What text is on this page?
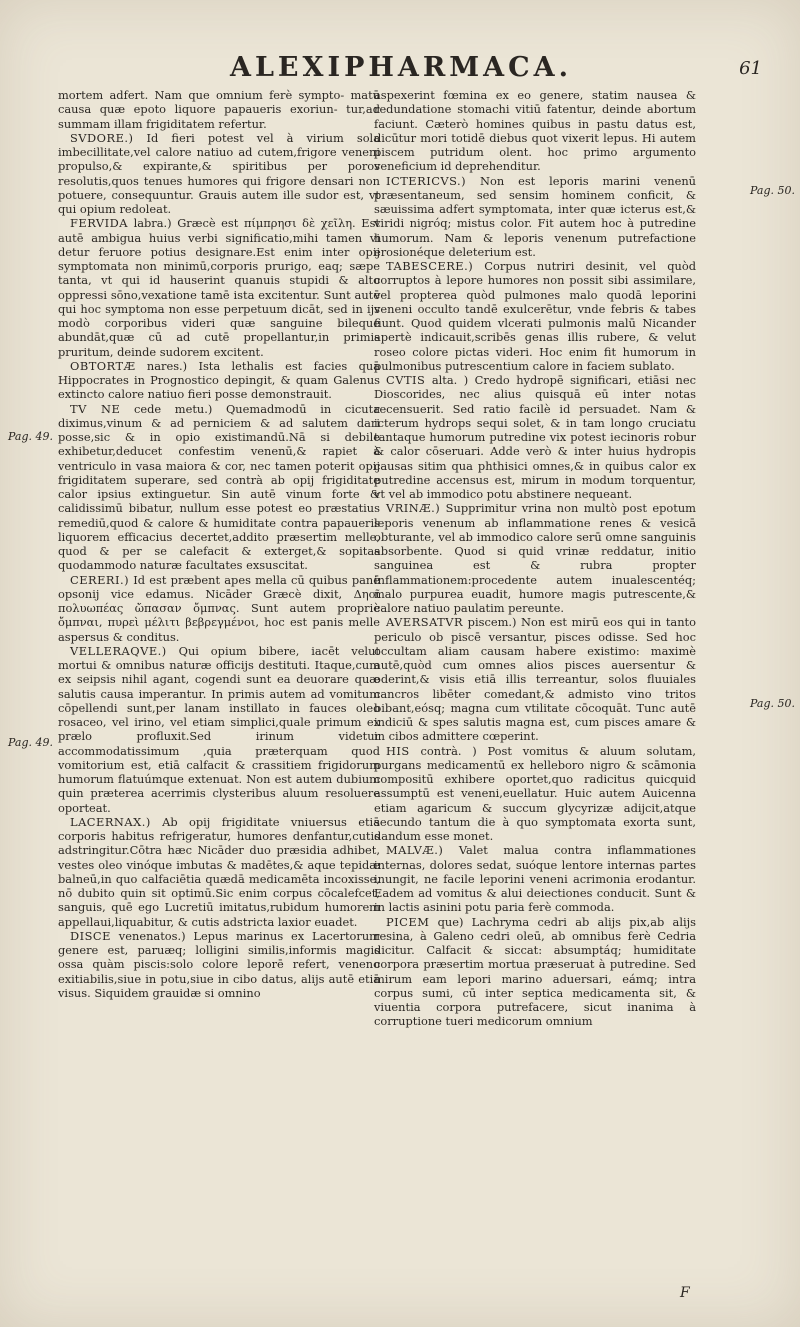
ALEXIPHARMACA.	61
Pag. 49.
Pag. 49.
Pag. 50.
Pag. 50.

mortem adfert. Nam que omnium ferè sympto- matū causa quæ epoto liquore papaueris exoriun- tur,ad summam illam frigiditatem refertur.

SVDORE.) Id fieri potest vel à virium sola imbecillitate,vel calore natiuo ad cutem,frigore veneni propulso,& expirante,& spiritibus per poros resolutis,quos tenues humores qui frigore densari non potuere, consequuntur. Grauis autem ille sudor est, vt qui opium redoleat.

FERVIDA labra.) Græcè est πίμπρησι δὲ χεῖλη. Est autē ambigua huius verbi significatio,mihi tamen vi detur feruore potius designare.Est enim inter opij symptomata non minimū,corporis prurigo, eaq; sæpe tanta, vt qui id hauserint quanuis stupidi & alto oppressi sōno,vexatione tamē ista excitentur. Sunt autē qui hoc symptoma non esse perpetuum dicāt, sed in ijs modò corporibus videri quæ sanguine bileque abundāt,quæ cū ad cutē propellantur,in primis pruritum, deinde sudorem excitent.

OBTORTÆ nares.) Ista lethalis est facies quā Hippocrates in Prognostico depingit, & quam Galenus extincto calore natiuo fieri posse demonstrauit.

TV NE cede metu.) Quemadmodū in cicuta diximus,vinum & ad perniciem & ad salutem dari posse,sic & in opio existimandū.Nā si debile exhibetur,deducet confestim venenū,& rapiet à ventriculo in vasa maiora & cor, nec tamen poterit opij frigiditatem superare, sed contrà ab opij frigiditate calor ipsius extinguetur. Sin autē vinum forte & calidissimū bibatur, nullum esse potest eo præstatius remediū,quod & calore & humiditate contra papaueris liquorem efficacius decertet,addito præsertim melle, quod & per se calefacit & exterget,& sopitas quodammodo naturæ facultates exsuscitat.

CERERI.) Id est præbent apes mella cū quibus panē opsonij vice edamus. Nicāder Græcè dixit, Δηοῖ πολυωπέας ὤπασαν ὄμπνας. Sunt autem propriè ὄμπναι, πυρεὶ μέλιτι βεβρεγμένοι, hoc est panis melle aspersus & conditus.

VELLERAQVE.) Qui opium bibere, iacēt velut mortui & omnibus naturæ officijs destituti. Itaque,cum ex seipsis nihil agant, cogendi sunt ea deuorare quæ salutis causa imperantur. In primis autem ad vomitum cōpellendi sunt,per lanam instillato in fauces oleo rosaceo, vel irino, vel etiam simplici,quale primum ex prælo profluxit.Sed irinum videtur accommodatissimum ,quia præterquam quod vomitorium est, etiā calfacit & crassitiem frigidorum humorum flatuúmque extenuat. Non est autem dubium quin præterea acerrimis clysteribus aluum resoluere oporteat.

LACERNAX.) Ab opij frigiditate vniuersus etiā corporis habitus refrigeratur, humores denfantur,cutis adstringitur.Cōtra hæc Nicāder duo præsidia adhibet, vestes oleo vinóque imbutas & madētes,& aque tepidæ balneū,in quo calfaciētia quædā medicamēta incoxisse, nō dubito quin sit optimū.Sic enim corpus cōcalefcet, sanguis, quē ego Lucretiū imitatus,rubidum humorem appellaui,liquabitur, & cutis adstricta laxior euadet.

DISCE venenatos.) Lepus marinus ex Lacertorum genere est, paruæq; lolligini similis,informis magis ossa quàm piscis:solo colore leporē refert, veneno exitiabilis,siue in potu,siue in cibo datus, alijs autē etiā visus. Siquidem grauidæ si omnino

aspexerint fœmina ex eo genere, statim nausea & redundatione stomachi vitiū fatentur, deinde abortum faciunt. Cæterò homines quibus in pastu datus est, dicūtur mori totidē diebus quot vixerit lepus. Hi autem piscem putridum olent. hoc primo argumento veneficium id deprehenditur.

ICTERICVS.) Non est leporis marini venenū præsentaneum, sed sensim hominem conficit, & sæuissima adfert symptomata, inter quæ icterus est,& viridi nigróq; mistus color. Fit autem hoc à putredine humorum. Nam & leporis venenum putrefactione erosionéque deleterium est.

TABESCERE.) Corpus nutriri desinit, vel quòd corruptos à lepore humores non possit sibi assimilare, vel propterea quòd pulmones malo quodā leporini veneni occulto tandē exulcerētur, vnde febris & tabes fiunt. Quod quidem vlcerati pulmonis malū Nicander apertè indicauit,scribēs genas illis rubere, & velut roseo colore pictas videri. Hoc enim fit humorum in pulmonibus putrescentium calore in faciem sublato.

CVTIS alta. ) Credo hydropē significari, etiāsi nec Dioscorides, nec alius quisquā eū inter notas recensuerit. Sed ratio facilè id persuadet. Nam & icterum hydrops sequi solet, & in tam longo cruciatu tantaque humorum putredine vix potest iecinoris robur & calor cōseruari. Adde verò & inter huius hydropis causas sitim qua phthisici omnes,& in quibus calor ex putredine accensus est, mirum in modum torquentur, vt vel ab immodico potu abstinere nequeant.

VRINÆ.) Supprimitur vrina non multò post epotum leporis venenum ab inflammatione renes & vesicā obturante, vel ab immodico calore serū omne sanguinis absorbente. Quod si quid vrinæ reddatur, initio sanguinea est & rubra propter inflammationem:procedente autem inualescentéq; malo purpurea euadit, humore magis putrescente,& calore natiuo paulatim pereunte.

AVERSATVR piscem.) Non est mirū eos qui in tanto periculo ob piscē versantur, pisces odisse. Sed hoc occultam aliam causam habere existimo: maximè autē,quòd cum omnes alios pisces auersentur & oderint,& visis etiā illis terreantur, solos fluuiales cancros libēter comedant,& admisto vino tritos bibant,eósq; magna cum vtilitate cōcoquāt. Tunc autē indiciū & spes salutis magna est, cum pisces amare & in cibos admittere cœperint.

HIS contrà. ) Post vomitus & aluum solutam, purgans medicamentū ex helleboro nigro & scāmonia compositū exhibere oportet,quo radicitus quicquid assumptū est veneni,euellatur. Huic autem Auicenna etiam agaricum & succum glycyrizæ adijcit,atque secundo tantum die à quo symptomata exorta sunt, dandum esse monet.

MALVÆ.) Valet malua contra inflammationes internas, dolores sedat, suóque lentore internas partes inungit, ne facile leporini veneni acrimonia erodantur. Eadem ad vomitus & alui deiectiones conducit. Sunt & in lactis asinini potu paria ferè commoda.

PICEM que) Lachryma cedri ab alijs pix,ab alijs resina, à Galeno cedri oleū, ab omnibus ferè Cedria dicitur. Calfacit & siccat: absumptáq; humiditate corpora præsertim mortua præseruat à putredine. Sed mirum eam lepori marino aduersari, eámq; intra corpus sumi, cū inter septica medicamenta sit, & viuentia corpora putrefacere, sicut inanima à corruptione tueri medicorum omnium

F
